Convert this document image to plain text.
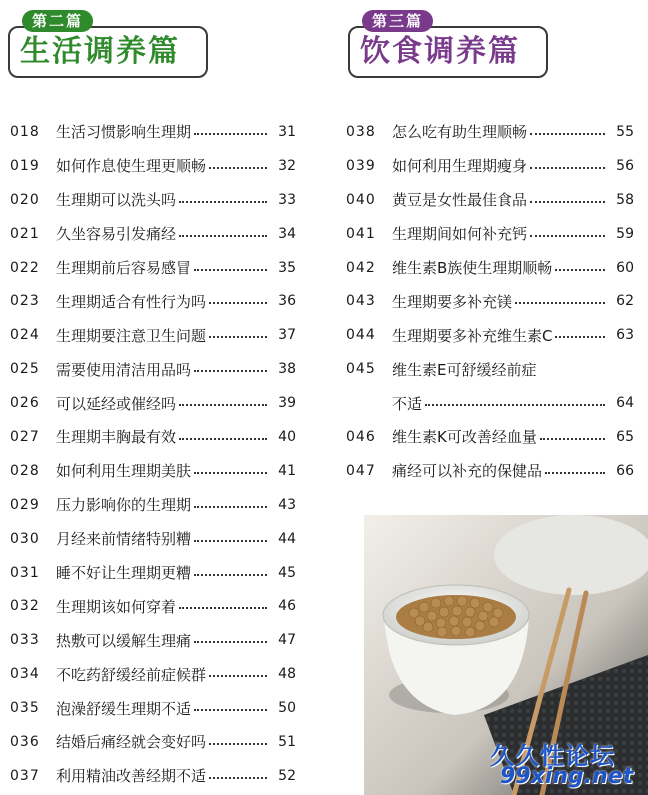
第二篇
生活调养篇
第三篇
饮食调养篇
018	生活习惯影响生理期	31
019	如何作息使生理更顺畅	32
020	生理期可以洗头吗	33
021	久坐容易引发痛经	34
022	生理期前后容易感冒	35
023	生理期适合有性行为吗	36
024	生理期要注意卫生问题	37
025	需要使用清洁用品吗	38
026	可以延经或催经吗	39
027	生理期丰胸最有效	40
028	如何利用生理期美肤	41
029	压力影响你的生理期	43
030	月经来前情绪特别糟	44
031	睡不好让生理期更糟	45
032	生理期该如何穿着	46
033	热敷可以缓解生理痛	47
034	不吃药舒缓经前症候群	48
035	泡澡舒缓生理期不适	50
036	结婚后痛经就会变好吗	51
037	利用精油改善经期不适	52
038	怎么吃有助生理顺畅	55
039	如何利用生理期瘦身	56
040	黄豆是女性最佳食品	58
041	生理期间如何补充钙	59
042	维生素B族使生理期顺畅	60
043	生理期要多补充镁	62
044	生理期要多补充维生素C	63
045	维生素E可舒缓经前症
不适	64
046	维生素K可改善经血量	65
047	痛经可以补充的保健品	66
久久性论坛
99xing.net
